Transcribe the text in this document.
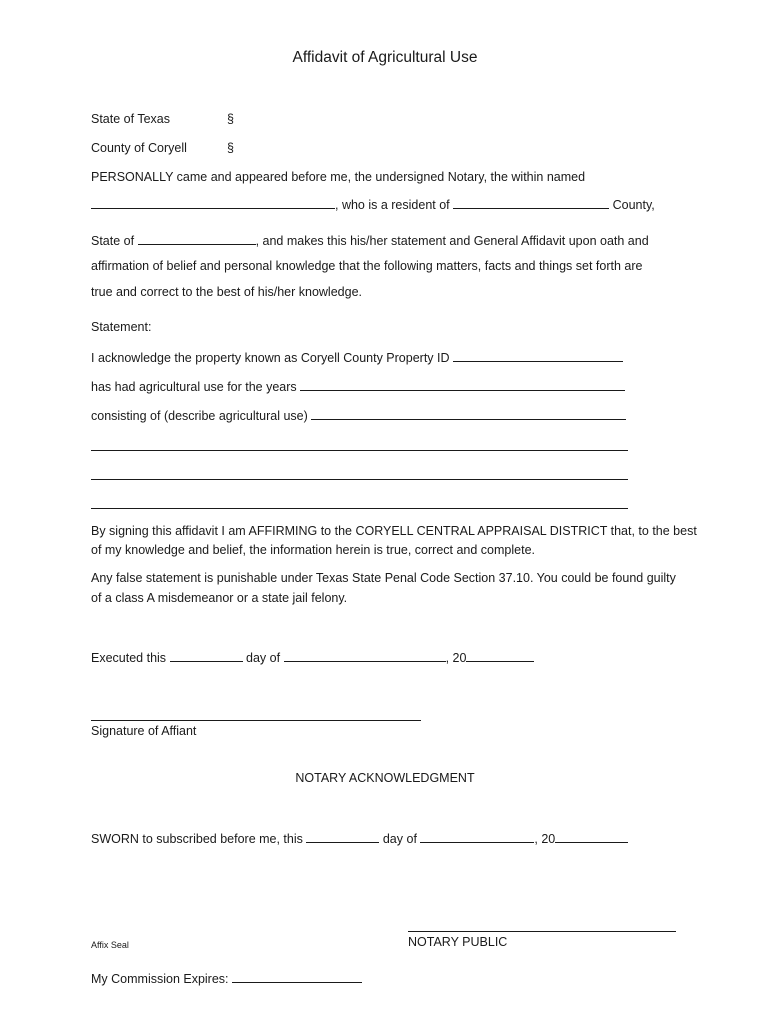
Affidavit of Agricultural Use
State of Texas	§
County of Coryell	§
PERSONALLY came and appeared before me, the undersigned Notary, the within named
, who is a resident of	County,
State of	, and makes this his/her statement and General Affidavit upon oath and
affirmation of belief and personal knowledge that the following matters, facts and things set forth are
true and correct to the best of his/her knowledge.
Statement:
I acknowledge the property known as Coryell County Property ID
has had agricultural use for the years
consisting of (describe agricultural use)
By signing this affidavit I am AFFIRMING to the CORYELL CENTRAL APPRAISAL DISTRICT that, to the best
of my knowledge and belief, the information herein is true, correct and complete.
Any false statement is punishable under Texas State Penal Code Section 37.10. You could be found guilty
of a class A misdemeanor or a state jail felony.
Executed this	day of	, 20
Signature of Affiant
NOTARY ACKNOWLEDGMENT
SWORN to subscribed before me, this	day of	, 20
Affix Seal	NOTARY PUBLIC
My Commission Expires:
